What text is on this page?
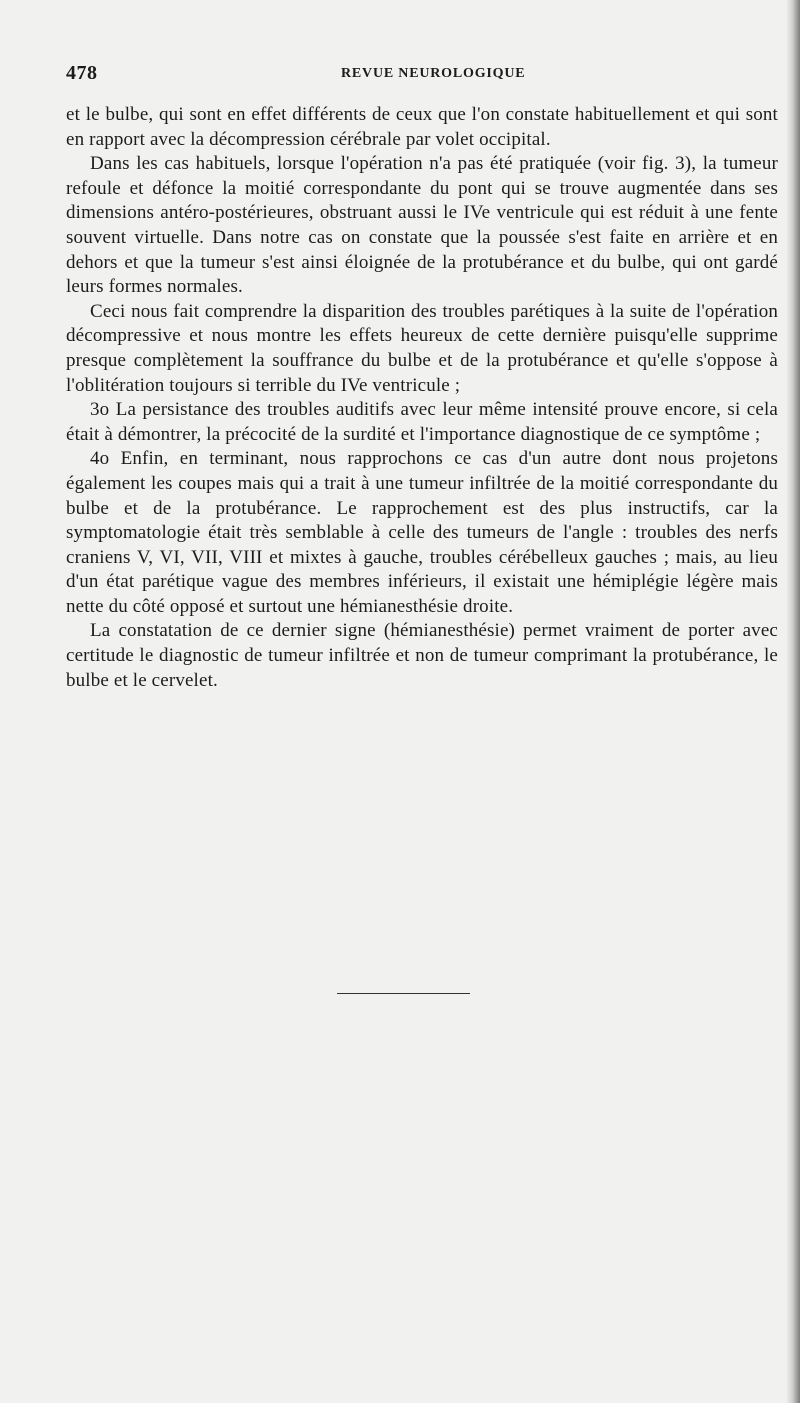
478	REVUE NEUROLOGIQUE

et le bulbe, qui sont en effet différents de ceux que l'on constate habituellement et qui sont en rapport avec la décompression cérébrale par volet occipital.

Dans les cas habituels, lorsque l'opération n'a pas été pratiquée (voir fig. 3), la tumeur refoule et défonce la moitié correspondante du pont qui se trouve augmentée dans ses dimensions antéro-postérieures, obstruant aussi le IVe ventricule qui est réduit à une fente souvent virtuelle. Dans notre cas on constate que la poussée s'est faite en arrière et en dehors et que la tumeur s'est ainsi éloignée de la protubérance et du bulbe, qui ont gardé leurs formes normales.

Ceci nous fait comprendre la disparition des troubles parétiques à la suite de l'opération décompressive et nous montre les effets heureux de cette dernière puisqu'elle supprime presque complètement la souffrance du bulbe et de la protubérance et qu'elle s'oppose à l'oblitération toujours si terrible du IVe ventricule ;

3o La persistance des troubles auditifs avec leur même intensité prouve encore, si cela était à démontrer, la précocité de la surdité et l'importance diagnostique de ce symptôme ;

4o Enfin, en terminant, nous rapprochons ce cas d'un autre dont nous projetons également les coupes mais qui a trait à une tumeur infiltrée de la moitié correspondante du bulbe et de la protubérance. Le rapprochement est des plus instructifs, car la symptomatologie était très semblable à celle des tumeurs de l'angle : troubles des nerfs craniens V, VI, VII, VIII et mixtes à gauche, troubles cérébelleux gauches ; mais, au lieu d'un état parétique vague des membres inférieurs, il existait une hémiplégie légère mais nette du côté opposé et surtout une hémianesthésie droite.

La constatation de ce dernier signe (hémianesthésie) permet vraiment de porter avec certitude le diagnostic de tumeur infiltrée et non de tumeur comprimant la protubérance, le bulbe et le cervelet.
